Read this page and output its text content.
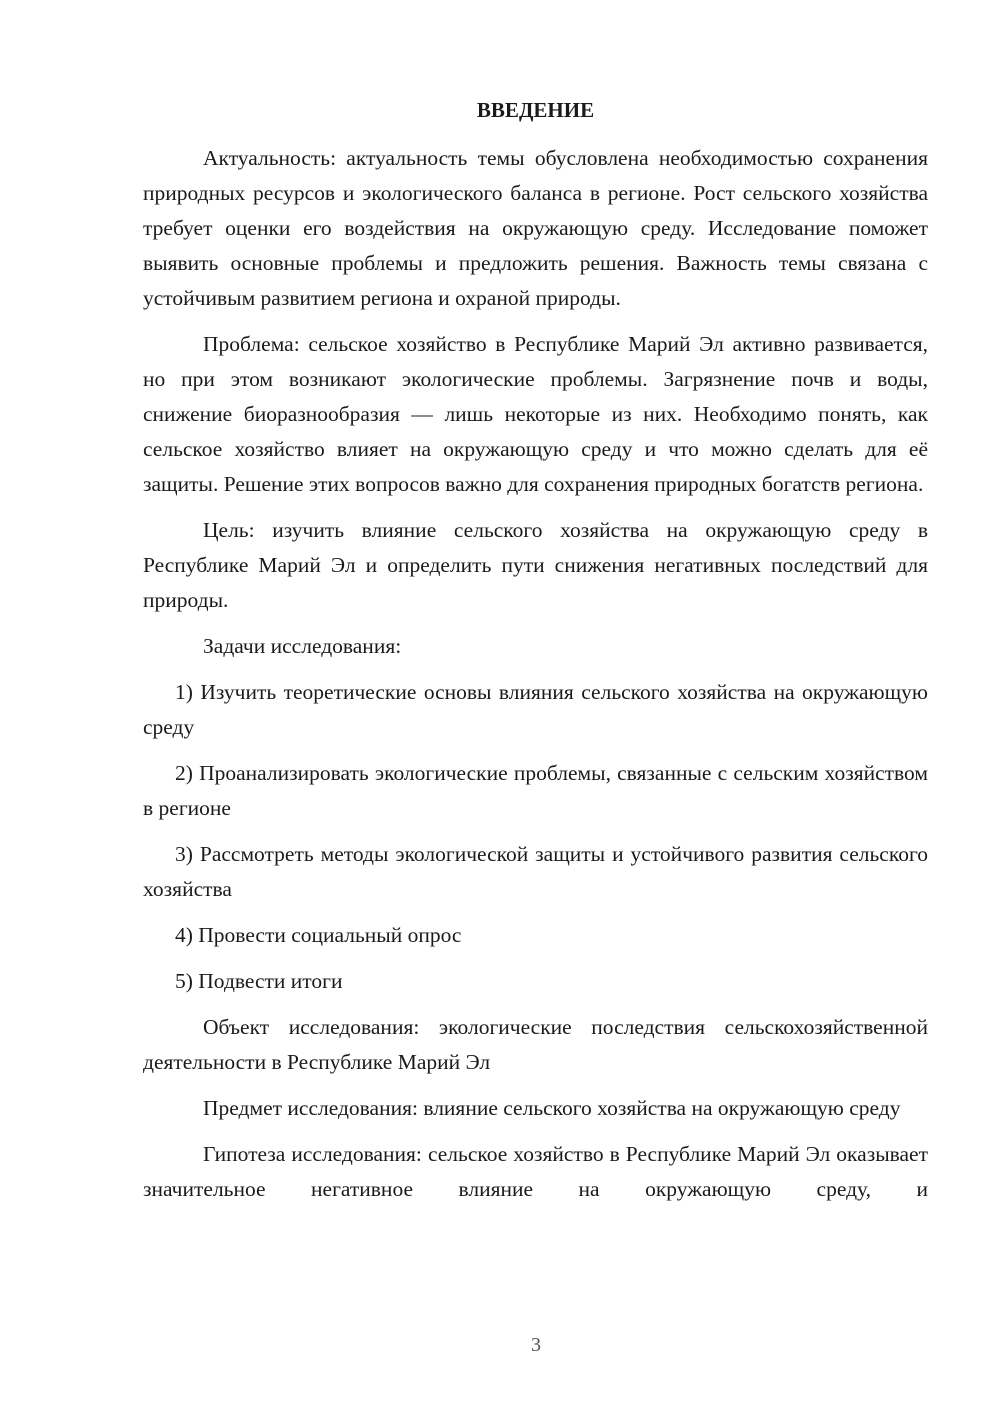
ВВЕДЕНИЕ

Актуальность: актуальность темы обусловлена необходимостью сохранения природных ресурсов и экологического баланса в регионе. Рост сельского хозяйства требует оценки его воздействия на окружающую среду. Исследование поможет выявить основные проблемы и предложить решения. Важность темы связана с устойчивым развитием региона и охраной природы.

Проблема: сельское хозяйство в Республике Марий Эл активно развивается, но при этом возникают экологические проблемы. Загрязнение почв и воды, снижение биоразнообразия — лишь некоторые из них. Необходимо понять, как сельское хозяйство влияет на окружающую среду и что можно сделать для её защиты. Решение этих вопросов важно для сохранения природных богатств региона.

Цель: изучить влияние сельского хозяйства на окружающую среду в Республике Марий Эл и определить пути снижения негативных последствий для природы.

Задачи исследования:

1) Изучить теоретические основы влияния сельского хозяйства на окружающую среду

2) Проанализировать экологические проблемы, связанные с сельским хозяйством в регионе

3) Рассмотреть методы экологической защиты и устойчивого развития сельского хозяйства

4) Провести социальный опрос

5) Подвести итоги

Объект исследования: экологические последствия сельскохозяйственной деятельности в Республике Марий Эл

Предмет исследования: влияние сельского хозяйства на окружающую среду

Гипотеза исследования: сельское хозяйство в Республике Марий Эл оказывает значительное негативное влияние на окружающую среду, и

3
